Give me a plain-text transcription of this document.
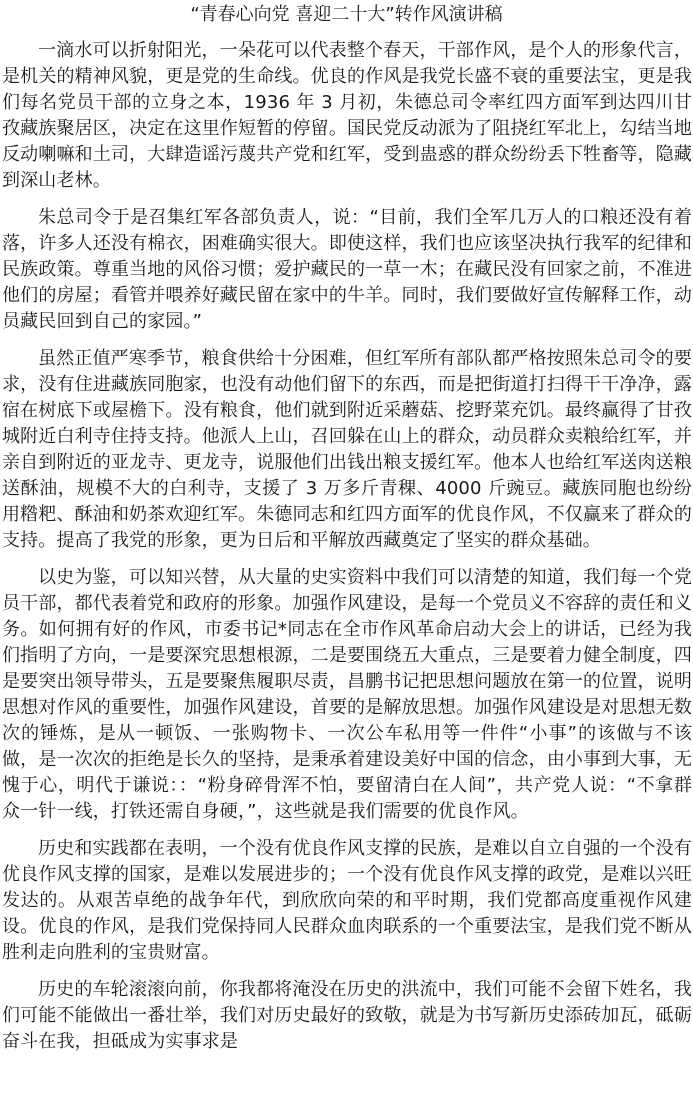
“青春心向党 喜迎二十大”转作风演讲稿

一滴水可以折射阳光，一朵花可以代表整个春天，干部作风，是个人的形象代言，是机关的精神风貌，更是党的生命线。优良的作风是我党长盛不衰的重要法宝，更是我们每名党员干部的立身之本，1936 年 3 月初，朱德总司令率红四方面军到达四川甘孜藏族聚居区，决定在这里作短暂的停留。国民党反动派为了阻挠红军北上，勾结当地反动喇嘛和土司，大肆造谣污蔑共产党和红军，受到蛊惑的群众纷纷丢下牲畜等，隐藏到深山老林。

朱总司令于是召集红军各部负责人，说：“目前，我们全军几万人的口粮还没有着落，许多人还没有棉衣，困难确实很大。即使这样，我们也应该坚决执行我军的纪律和民族政策。尊重当地的风俗习惯；爱护藏民的一草一木；在藏民没有回家之前，不准进他们的房屋；看管并喂养好藏民留在家中的牛羊。同时，我们要做好宣传解释工作，动员藏民回到自己的家园。”

虽然正值严寒季节，粮食供给十分困难，但红军所有部队都严格按照朱总司令的要求，没有住进藏族同胞家，也没有动他们留下的东西，而是把街道打扫得干干净净，露宿在树底下或屋檐下。没有粮食，他们就到附近采蘑菇、挖野菜充饥。最终赢得了甘孜城附近白利寺住持支持。他派人上山，召回躲在山上的群众，动员群众卖粮给红军，并亲自到附近的亚龙寺、更龙寺，说服他们出钱出粮支援红军。他本人也给红军送肉送粮送酥油，规模不大的白利寺，支援了 3 万多斤青稞、4000 斤豌豆。藏族同胞也纷纷用糌粑、酥油和奶茶欢迎红军。朱德同志和红四方面军的优良作风，不仅赢来了群众的支持。提高了我党的形象，更为日后和平解放西藏奠定了坚实的群众基础。

以史为鉴，可以知兴替，从大量的史实资料中我们可以清楚的知道，我们每一个党员干部，都代表着党和政府的形象。加强作风建设，是每一个党员义不容辞的责任和义务。如何拥有好的作风，市委书记*同志在全市作风革命启动大会上的讲话，已经为我们指明了方向，一是要深究思想根源，二是要围绕五大重点，三是要着力健全制度，四是要突出领导带头，五是要聚焦履职尽责，昌鹏书记把思想问题放在第一的位置，说明思想对作风的重要性，加强作风建设，首要的是解放思想。加强作风建设是对思想无数次的锤炼，是从一顿饭、一张购物卡、一次公车私用等一件件“小事”的该做与不该做，是一次次的拒绝是长久的坚持，是秉承着建设美好中国的信念，由小事到大事，无愧于心，明代于谦说：：“粉身碎骨浑不怕，要留清白在人间”，共产党人说：“不拿群众一针一线，打铁还需自身硬，”，这些就是我们需要的优良作风。

历史和实践都在表明，一个没有优良作风支撑的民族，是难以自立自强的一个没有优良作风支撑的国家，是难以发展进步的；一个没有优良作风支撑的政党，是难以兴旺发达的。从艰苦卓绝的战争年代，到欣欣向荣的和平时期，我们党都高度重视作风建设。优良的作风，是我们党保持同人民群众血肉联系的一个重要法宝，是我们党不断从胜利走向胜利的宝贵财富。

历史的车轮滚滚向前，你我都将淹没在历史的洪流中，我们可能不会留下姓名，我们可能不能做出一番壮举，我们对历史最好的致敬，就是为书写新历史添砖加瓦，砥砺奋斗在我，担砥成为实事求是
